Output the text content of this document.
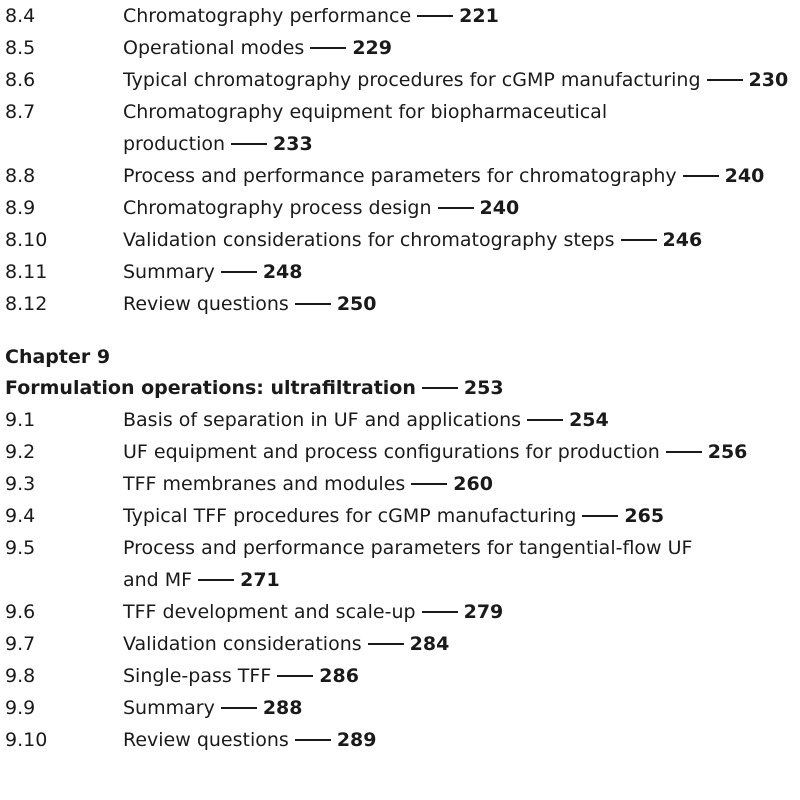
8.4	Chromatography performance	221
8.5	Operational modes	229
8.6	Typical chromatography procedures for cGMP manufacturing	230
8.7	Chromatography equipment for biopharmaceutical
production	233
8.8	Process and performance parameters for chromatography	240
8.9	Chromatography process design	240
8.10	Validation considerations for chromatography steps	246
8.11	Summary	248
8.12	Review questions	250
Chapter 9
Formulation operations: ultrafiltration	253
9.1	Basis of separation in UF and applications	254
9.2	UF equipment and process configurations for production	256
9.3	TFF membranes and modules	260
9.4	Typical TFF procedures for cGMP manufacturing	265
9.5	Process and performance parameters for tangential-flow UF
and MF	271
9.6	TFF development and scale-up	279
9.7	Validation considerations	284
9.8	Single-pass TFF	286
9.9	Summary	288
9.10	Review questions	289
